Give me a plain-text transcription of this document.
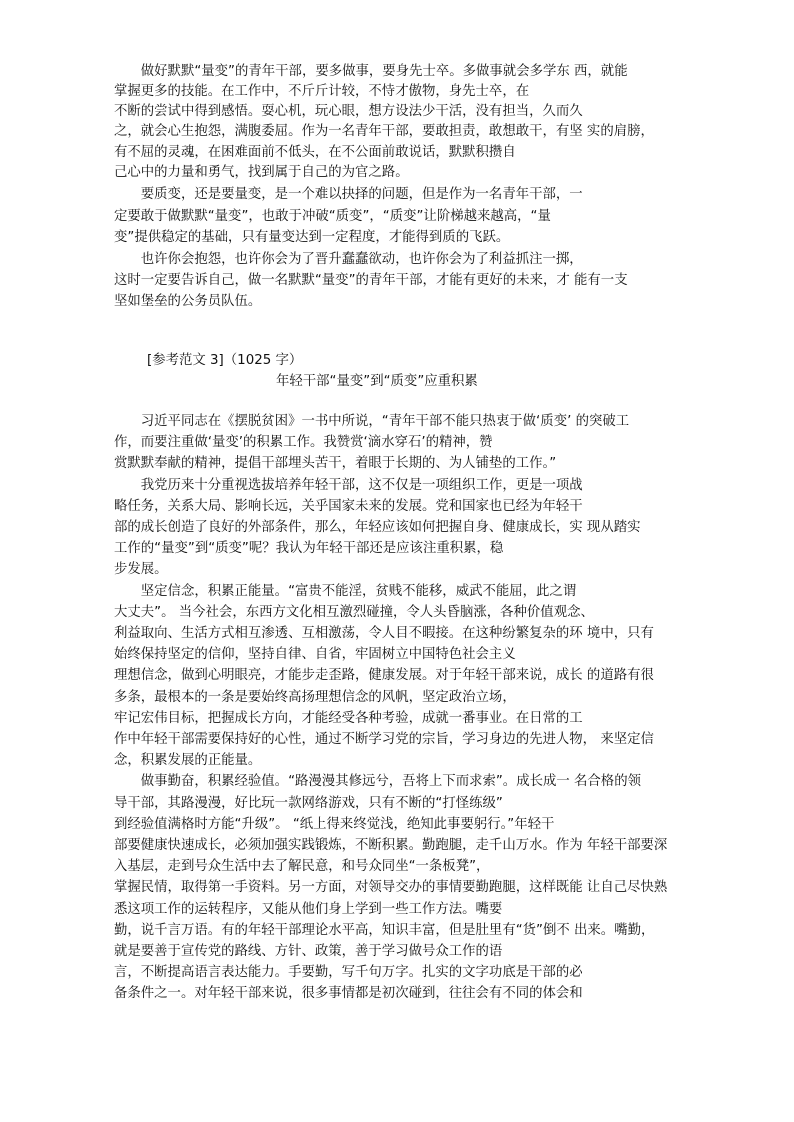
　　做好默默“量变”的青年干部，要多做事，要身先士卒。多做事就会多学东 西，就能

掌握更多的技能。在工作中，不斤斤计较，不恃才傲物，身先士卒，在

不断的尝试中得到感悟。耍心机，玩心眼，想方设法少干活，没有担当，久而久

之，就会心生抱怨，满腹委屈。作为一名青年干部，要敢担责，敢想敢干，有坚 实的肩膀，

有不屈的灵魂，在困难面前不低头，在不公面前敢说话，默默积攒自

己心中的力量和勇气，找到属于自己的为官之路。

　　要质变，还是要量变，是一个难以抉择的问题，但是作为一名青年干部，一

定要敢于做默默“量变”，也敢于冲破“质变”，“质变”让阶梯越来越高，“量

变”提供稳定的基础，只有量变达到一定程度，才能得到质的飞跃。

　　也许你会抱怨，也许你会为了晋升蠢蠢欲动，也许你会为了利益抓注一掷，

这时一定要告诉自己，做一名默默“量变”的青年干部，才能有更好的未来，才 能有一支

坚如堡垒的公务员队伍。

[参考范文 3]（1025 字）

年轻干部“量变”到“质变”应重积累

　　习近平同志在《摆脱贫困》一书中所说，“青年干部不能只热衷于做‘质变’ 的突破工

作，而要注重做‘量变’的积累工作。我赞赏‘滴水穿石’的精神，赞

赏默默奉献的精神，提倡干部埋头苦干，着眼于长期的、为人铺垫的工作。”

　　我党历来十分重视选拔培养年轻干部，这不仅是一项组织工作，更是一项战

略任务，关系大局、影响长远，关乎国家未来的发展。党和国家也已经为年轻干

部的成长创造了良好的外部条件，那么，年轻应该如何把握自身、健康成长，实 现从踏实

工作的“量变”到“质变”呢？我认为年轻干部还是应该注重积累，稳

步发展。

　　坚定信念，积累正能量。“富贵不能淫，贫贱不能移，威武不能屈，此之谓

大丈夫”。 当今社会，东西方文化相互激烈碰撞，令人头昏脑涨，各种价值观念、

利益取向、生活方式相互渗透、互相激荡，令人目不暇接。在这种纷繁复杂的环 境中，只有

始终保持坚定的信仰，坚持自律、自省，牢固树立中国特色社会主义

理想信念，做到心明眼亮，才能步走歪路，健康发展。对于年轻干部来说，成长 的道路有很

多条，最根本的一条是要始终高扬理想信念的风帆，坚定政治立场，

牢记宏伟目标，把握成长方向，才能经受各种考验，成就一番事业。在日常的工

作中年轻干部需要保持好的心性，通过不断学习党的宗旨，学习身边的先进人物， 来坚定信

念，积累发展的正能量。

　　做事勤奋，积累经验值。“路漫漫其修远兮，吾将上下而求索”。成长成一 名合格的领

导干部，其路漫漫，好比玩一款网络游戏，只有不断的“打怪练级”

到经验值满格时方能“升级”。 “纸上得来终觉浅，绝知此事要躬行。”年轻干

部要健康快速成长，必须加强实践锻炼，不断积累。勤跑腿，走千山万水。作为 年轻干部要深

入基层，走到号众生活中去了解民意，和号众同坐“一条板凳”，

掌握民情，取得第一手资料。另一方面，对领导交办的事情要勤跑腿，这样既能 让自己尽快熟

悉这项工作的运转程序，又能从他们身上学到一些工作方法。嘴要

勤，说千言万语。有的年轻干部理论水平高，知识丰富，但是肚里有“货”倒不 出来。嘴勤，

就是要善于宣传党的路线、方针、政策，善于学习做号众工作的语

言，不断提高语言表达能力。手要勤，写千句万字。扎实的文字功底是干部的必

备条件之一。对年轻干部来说，很多事情都是初次碰到，往往会有不同的体会和
